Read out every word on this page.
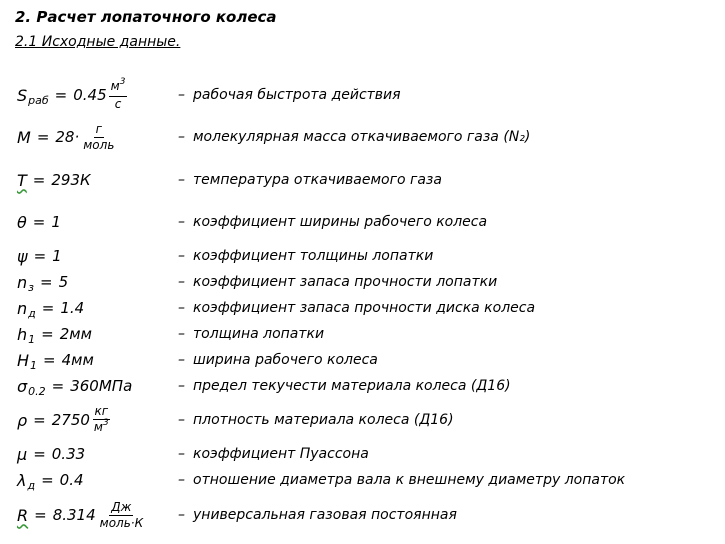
2. Расчет лопаточного колеса
2.1 Исходные данные.
S раб = $0.45 \frac{м^3}{с}$	– рабочая быстрота действия
$M = 28\cdot \frac{г}{\text{моль}}$	– молекулярная масса откачиваемого газа (N₂)
T = 293К	– температура откачиваемого газа
θ = 1	– коэффициент ширины рабочего колеса
ψ = 1	– коэффициент толщины лопатки
n з = 5	– коэффициент запаса прочности лопатки
n д = 1.4	– коэффициент запаса прочности диска колеса
h 1 = 2мм	– толщина лопатки
H 1 = 4мм	– ширина рабочего колеса
σ 0.2 = 360МПа	– предел текучести материала колеса (Д16)
$\rho = 2750 \frac{кг}{м^3}$	– плотность материала колеса (Д16)
μ = 0.33	– коэффициент Пуассона
λ д = 0.4	– отношение диаметра вала к внешнему диаметру лопаток
$R = 8.314 \frac{Дж}{\text{моль·К}}$ – универсальная газовая постоянная
